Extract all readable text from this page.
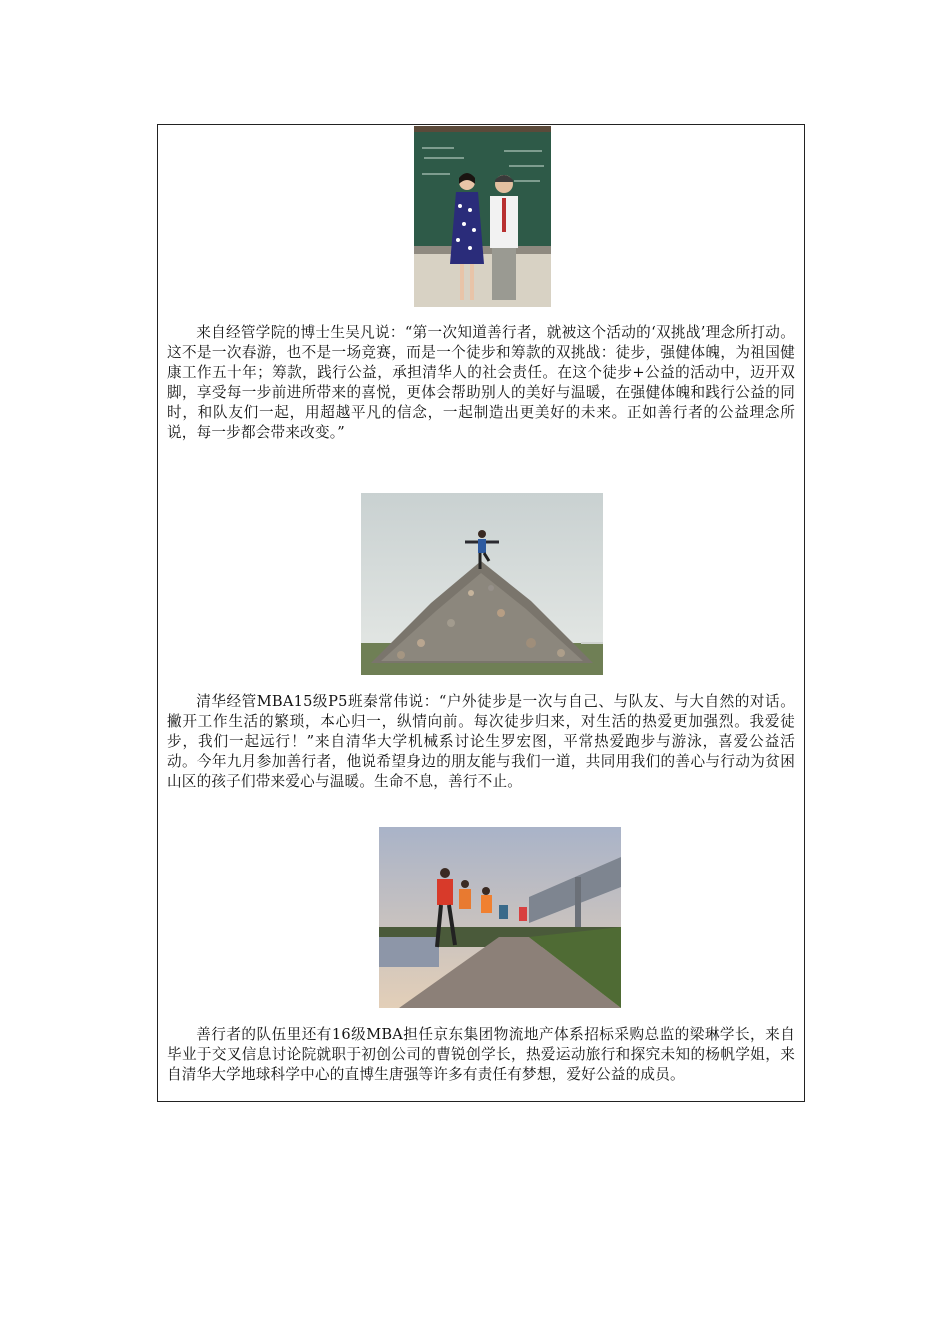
来自经管学院的博士生吴凡说：“第一次知道善行者，就被这个活动的‘双挑战’理念所打动。这不是一次春游，也不是一场竞赛，而是一个徒步和筹款的双挑战：徒步，强健体魄，为祖国健康工作五十年；筹款，践行公益，承担清华人的社会责任。在这个徒步+公益的活动中，迈开双脚，享受每一步前进所带来的喜悦，更体会帮助别人的美好与温暖，在强健体魄和践行公益的同时，和队友们一起，用超越平凡的信念，一起制造出更美好的未来。正如善行者的公益理念所说，每一步都会带来改变。”

清华经管MBA15级P5班秦常伟说：“户外徒步是一次与自己、与队友、与大自然的对话。撇开工作生活的繁琐，本心归一，纵情向前。每次徒步归来，对生活的热爱更加强烈。我爱徒步，我们一起远行！”来自清华大学机械系讨论生罗宏图，平常热爱跑步与游泳，喜爱公益活动。今年九月参加善行者，他说希望身边的朋友能与我们一道，共同用我们的善心与行动为贫困山区的孩子们带来爱心与温暖。生命不息，善行不止。

善行者的队伍里还有16级MBA担任京东集团物流地产体系招标采购总监的梁琳学长，来自毕业于交叉信息讨论院就职于初创公司的曹锐创学长，热爱运动旅行和探究未知的杨帆学姐，来自清华大学地球科学中心的直博生唐强等许多有责任有梦想，爱好公益的成员。
